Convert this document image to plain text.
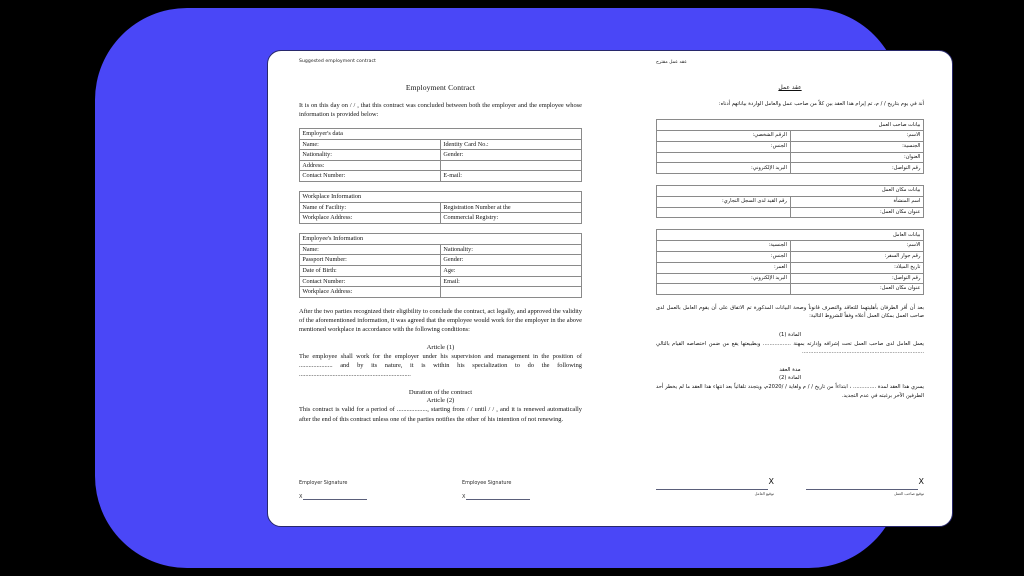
Suggested employment contract
Employment Contract
It is on this day on / / , that this contract was concluded between both the employer and the employee whose information is provided below:
Employer's data	
Name:	Identity Card No.:
Nationality:	Gender:
Address:	
Contact Number:	E-mail:
Workplace Information	
Name of Facility:	Registration Number at the
Workplace Address:	Commercial Registry:
Employee's Information	
Name:	Nationality:
Passport Number:	Gender:
Date of Birth:	Age:
Contact Number:	Email:
Workplace Address:	
After the two parties recognized their eligibility to conclude the contract, act legally, and approved the validity of the aforementioned information, it was agreed that the employee would work for the employer in the above mentioned workplace in accordance with the following conditions:
Article (1)
The employee shall work for the employer under his supervision and management in the position of ..................... and by its nature, it is within his specialization to do the following ......................................................................
Duration of the contract
Article (2)
This contract is valid for a period of ..................., starting from / / until / / , and it is renewed automatically after the end of this contract unless one of the parties notifies the other of his intention of not renewing.
Employer Signature
X
Employee Signature
X
عقد عمل مقترح
عقد عمل
أنة في يوم بتاريخ / / م، تم إبرام هذا العقد بين كلاً من صاحب عمل والعامل الواردة بياناتهم أدناه:
بيانات صاحب العمل	
الاسم:	الرقم الشخصي:
الجنسية:	الجنس:
العنوان:	
رقم التواصل:	البريد الإلكتروني:
بيانات مكان العمل	
اسم المنشأة	رقم القيد لدى السجل التجاري:
عنوان مكان العمل:	
بيانات العامل	
الاسم:	الجنسية:
رقم جواز السفر:	الجنس:
تاريخ الميلاد:	العمر:
رقم التواصل:	البريد الإلكتروني:
عنوان مكان العمل:	
بعد أن أقر الطرفان بأهليتهما للتعاقد والتصرف قانوناً وصحة البيانات المذكورة تم الاتفاق على أن يقوم العامل بالعمل لدى صاحب العمل بمكان العمل أعلاه وفقاً للشروط التالية:
المادة (1)
يعمل العامل لدى صاحب العمل تحت إشرافه وإدارته بمهنة ................. وبطبيعتها يقع من ضمن اختصاصه القيام بالتالي ..........................................................................
مدة العقد
المادة (2)
يسري هذا العقد لمدة .............. ، ابتداءاً من تاريخ / / م ولغاية / /2020م، ويتجدد تلقائياً بعد انتهاء هذا العقد ما لم يخطر أحد الطرفين الآخر برغبته في عدم التجديد.
X
توقيع العامل
X
توقيع صاحب العمل
